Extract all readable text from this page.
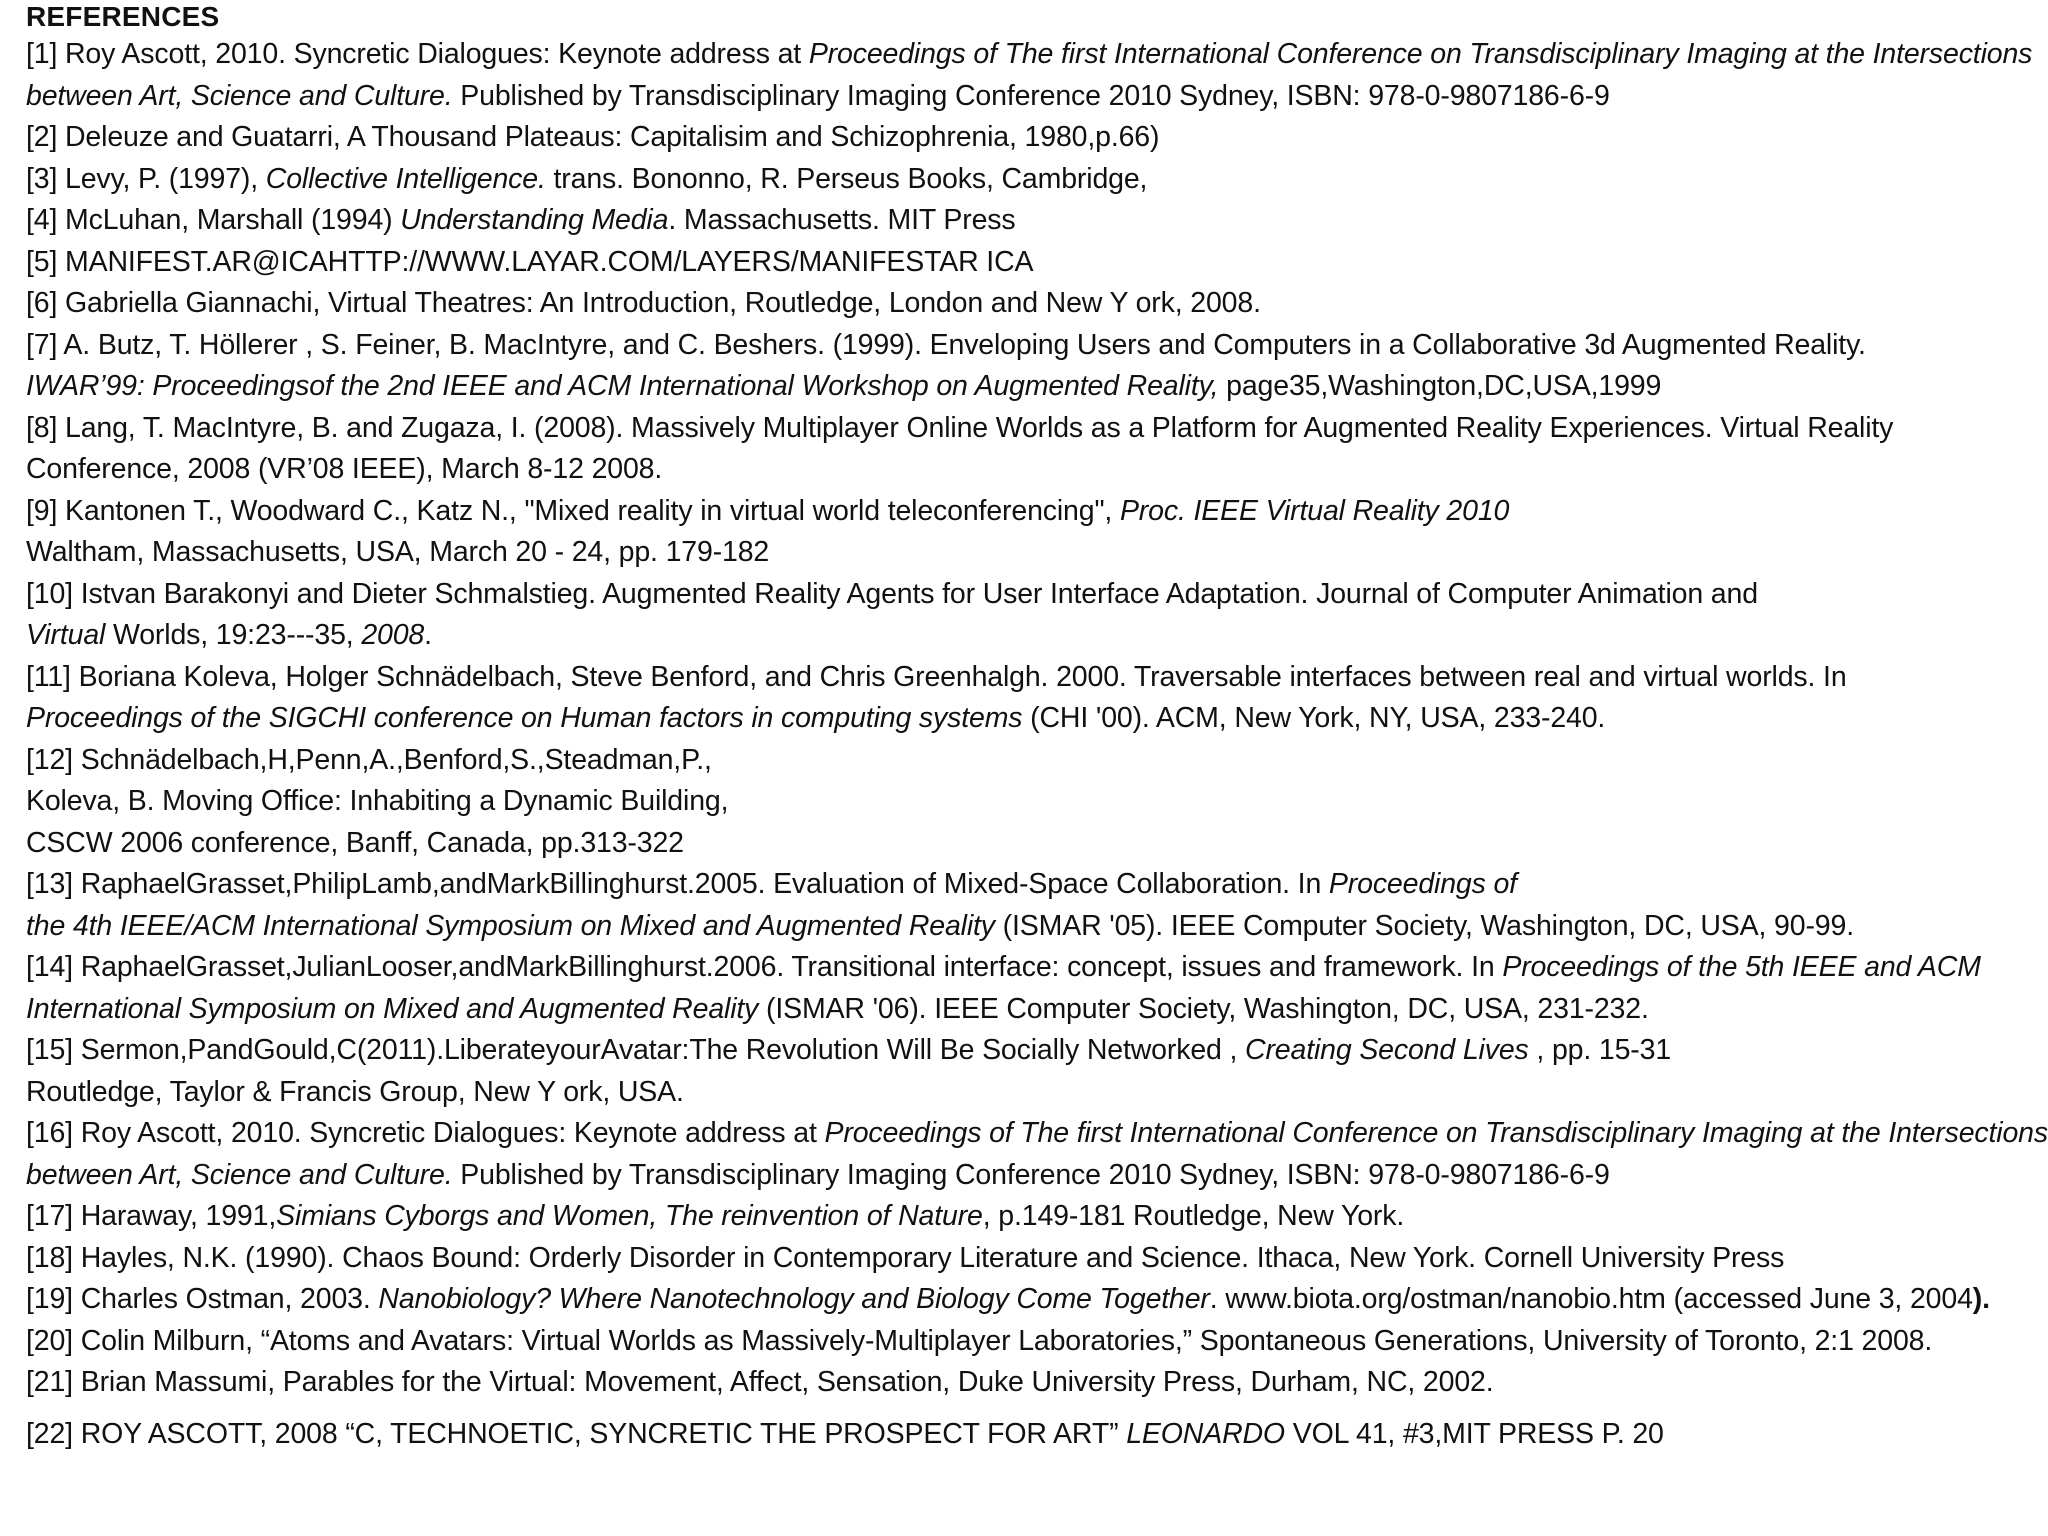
REFERENCES
[1] Roy Ascott, 2010. Syncretic Dialogues: Keynote address at Proceedings of The first International Conference on Transdisciplinary Imaging at the Intersections between Art, Science and Culture. Published by Transdisciplinary Imaging Conference 2010 Sydney, ISBN: 978-0-9807186-6-9
[2] Deleuze and Guatarri, A Thousand Plateaus: Capitalisim and Schizophrenia, 1980,p.66)
[3] Levy, P. (1997), Collective Intelligence. trans. Bononno, R. Perseus Books, Cambridge,
[4] McLuhan, Marshall (1994) Understanding Media. Massachusetts. MIT Press
[5] MANIFEST.AR@ICAHTTP://WWW.LAYAR.COM/LAYERS/MANIFESTAR ICA
[6] Gabriella Giannachi, Virtual Theatres: An Introduction, Routledge, London and New Y ork, 2008.
[7] A. Butz, T. Höllerer , S. Feiner, B. MacIntyre, and C. Beshers. (1999). Enveloping Users and Computers in a Collaborative 3d Augmented Reality.
IWAR’99: Proceedingsof the 2nd IEEE and ACM International Workshop on Augmented Reality, page35,Washington,DC,USA,1999
[8] Lang, T. MacIntyre, B. and Zugaza, I. (2008). Massively Multiplayer Online Worlds as a Platform for Augmented Reality Experiences. Virtual Reality Conference, 2008 (VR’08 IEEE), March 8-12 2008.
[9] Kantonen T., Woodward C., Katz N., "Mixed reality in virtual world teleconferencing", Proc. IEEE Virtual Reality 2010
Waltham, Massachusetts, USA, March 20 - 24, pp. 179-182
[10] Istvan Barakonyi and Dieter Schmalstieg. Augmented Reality Agents for User Interface Adaptation. Journal of Computer Animation and
Virtual Worlds, 19:23---35, 2008.
[11] Boriana Koleva, Holger Schnädelbach, Steve Benford, and Chris Greenhalgh. 2000. Traversable interfaces between real and virtual worlds. In
Proceedings of the SIGCHI conference on Human factors in computing systems (CHI '00). ACM, New York, NY, USA, 233-240.
[12] Schnädelbach,H,Penn,A.,Benford,S.,Steadman,P.,
Koleva, B. Moving Office: Inhabiting a Dynamic Building,
CSCW 2006 conference, Banff, Canada, pp.313-322
[13] RaphaelGrasset,PhilipLamb,andMarkBillinghurst.2005. Evaluation of Mixed-Space Collaboration. In Proceedings of
the 4th IEEE/ACM International Symposium on Mixed and Augmented Reality (ISMAR '05). IEEE Computer Society, Washington, DC, USA, 90-99.
[14] RaphaelGrasset,JulianLooser,andMarkBillinghurst.2006. Transitional interface: concept, issues and framework. In Proceedings of the 5th IEEE and ACM International Symposium on Mixed and Augmented Reality (ISMAR '06). IEEE Computer Society, Washington, DC, USA, 231-232.
[15] Sermon,PandGould,C(2011).LiberateyourAvatar:The Revolution Will Be Socially Networked , Creating Second Lives , pp. 15-31
Routledge, Taylor & Francis Group, New Y ork, USA.
[16] Roy Ascott, 2010. Syncretic Dialogues: Keynote address at Proceedings of The first International Conference on Transdisciplinary Imaging at the Intersections between Art, Science and Culture. Published by Transdisciplinary Imaging Conference 2010 Sydney, ISBN: 978-0-9807186-6-9
[17] Haraway, 1991,Simians Cyborgs and Women, The reinvention of Nature, p.149-181 Routledge, New York.
[18] Hayles, N.K. (1990). Chaos Bound: Orderly Disorder in Contemporary Literature and Science. Ithaca, New York. Cornell University Press
[19] Charles Ostman, 2003. Nanobiology? Where Nanotechnology and Biology Come Together. www.biota.org/ostman/nanobio.htm (accessed June 3, 2004).
[20] Colin Milburn, “Atoms and Avatars: Virtual Worlds as Massively-Multiplayer Laboratories,” Spontaneous Generations, University of Toronto, 2:1 2008.
[21] Brian Massumi, Parables for the Virtual: Movement, Affect, Sensation, Duke University Press, Durham, NC, 2002.
[22] ROY ASCOTT, 2008 “C, TECHNOETIC, SYNCRETIC THE PROSPECT FOR ART” LEONARDO VOL 41, #3,MIT PRESS P. 20
